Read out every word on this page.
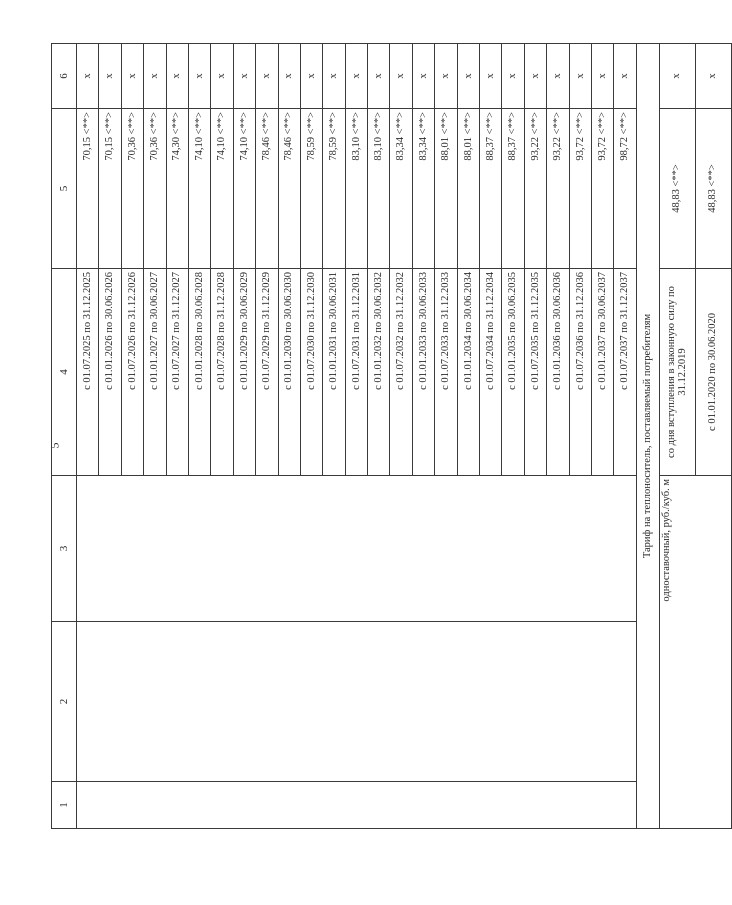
5
1	2	3	4	5	6
			с 01.07.2025 по 31.12.2025	70,15 <**>	x
			с 01.01.2026 по 30.06.2026	70,15 <**>	x
			с 01.07.2026 по 31.12.2026	70,36 <**>	x
			с 01.01.2027 по 30.06.2027	70,36 <**>	x
			с 01.07.2027 по 31.12.2027	74,30 <**>	x
			с 01.01.2028 по 30.06.2028	74,10 <**>	x
			с 01.07.2028 по 31.12.2028	74,10 <**>	x
			с 01.01.2029 по 30.06.2029	74,10 <**>	x
			с 01.07.2029 по 31.12.2029	78,46 <**>	x
			с 01.01.2030 по 30.06.2030	78,46 <**>	x
			с 01.07.2030 по 31.12.2030	78,59 <**>	x
			с 01.01.2031 по 30.06.2031	78,59 <**>	x
			с 01.07.2031 по 31.12.2031	83,10 <**>	x
			с 01.01.2032 по 30.06.2032	83,10 <**>	x
			с 01.07.2032 по 31.12.2032	83,34 <**>	x
			с 01.01.2033 по 30.06.2033	83,34 <**>	x
			с 01.07.2033 по 31.12.2033	88,01 <**>	x
			с 01.01.2034 по 30.06.2034	88,01 <**>	x
			с 01.07.2034 по 31.12.2034	88,37 <**>	x
			с 01.01.2035 по 30.06.2035	88,37 <**>	x
			с 01.07.2035 по 31.12.2035	93,22 <**>	x
			с 01.01.2036 по 30.06.2036	93,22 <**>	x
			с 01.07.2036 по 31.12.2036	93,72 <**>	x
			с 01.01.2037 по 30.06.2037	93,72 <**>	x
			с 01.07.2037 по 31.12.2037	98,72 <**>	x
Тариф на теплоноситель, поставляемый потребителям					
одноставочный, руб./куб. м			со дня вступления в законную силу по 31.12.2019	48,83 <**>	x
			с 01.01.2020 по 30.06.2020	48,83 <**>	x
